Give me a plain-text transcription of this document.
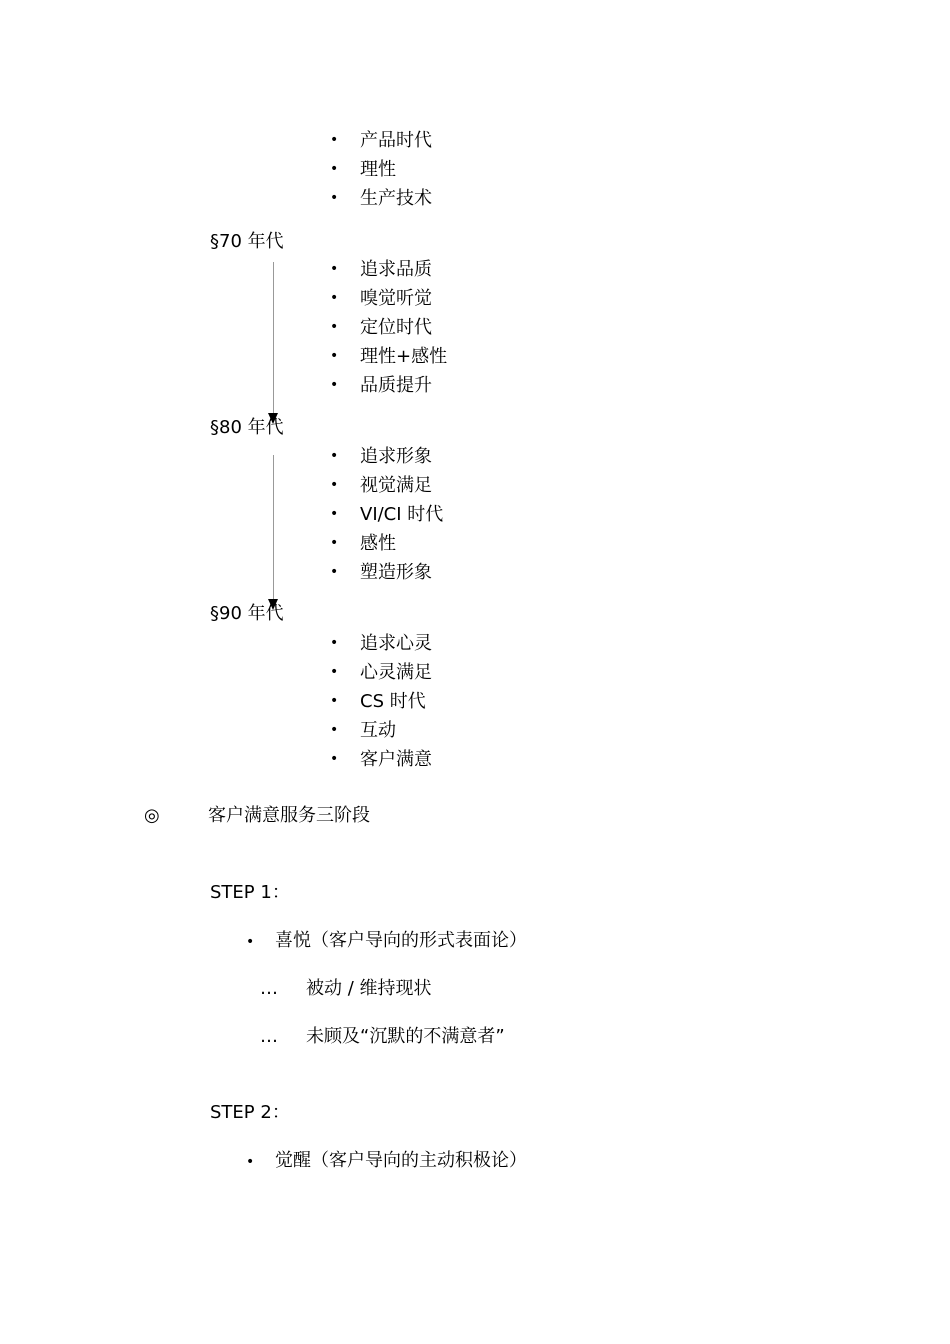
• 产品时代
• 理性
• 生产技术
§70 年代
• 追求品质
• 嗅觉听觉
• 定位时代
• 理性+感性
• 品质提升
§80 年代
• 追求形象
• 视觉满足
• VI/CI 时代
• 感性
• 塑造形象
§90 年代
• 追求心灵
• 心灵满足
• CS 时代
• 互动
• 客户满意
◎	客户满意服务三阶段
STEP 1：
• 喜悦（客户导向的形式表面论）
… 被动 / 维持现状
… 未顾及“沉默的不满意者”
STEP 2：
• 觉醒（客户导向的主动积极论）
